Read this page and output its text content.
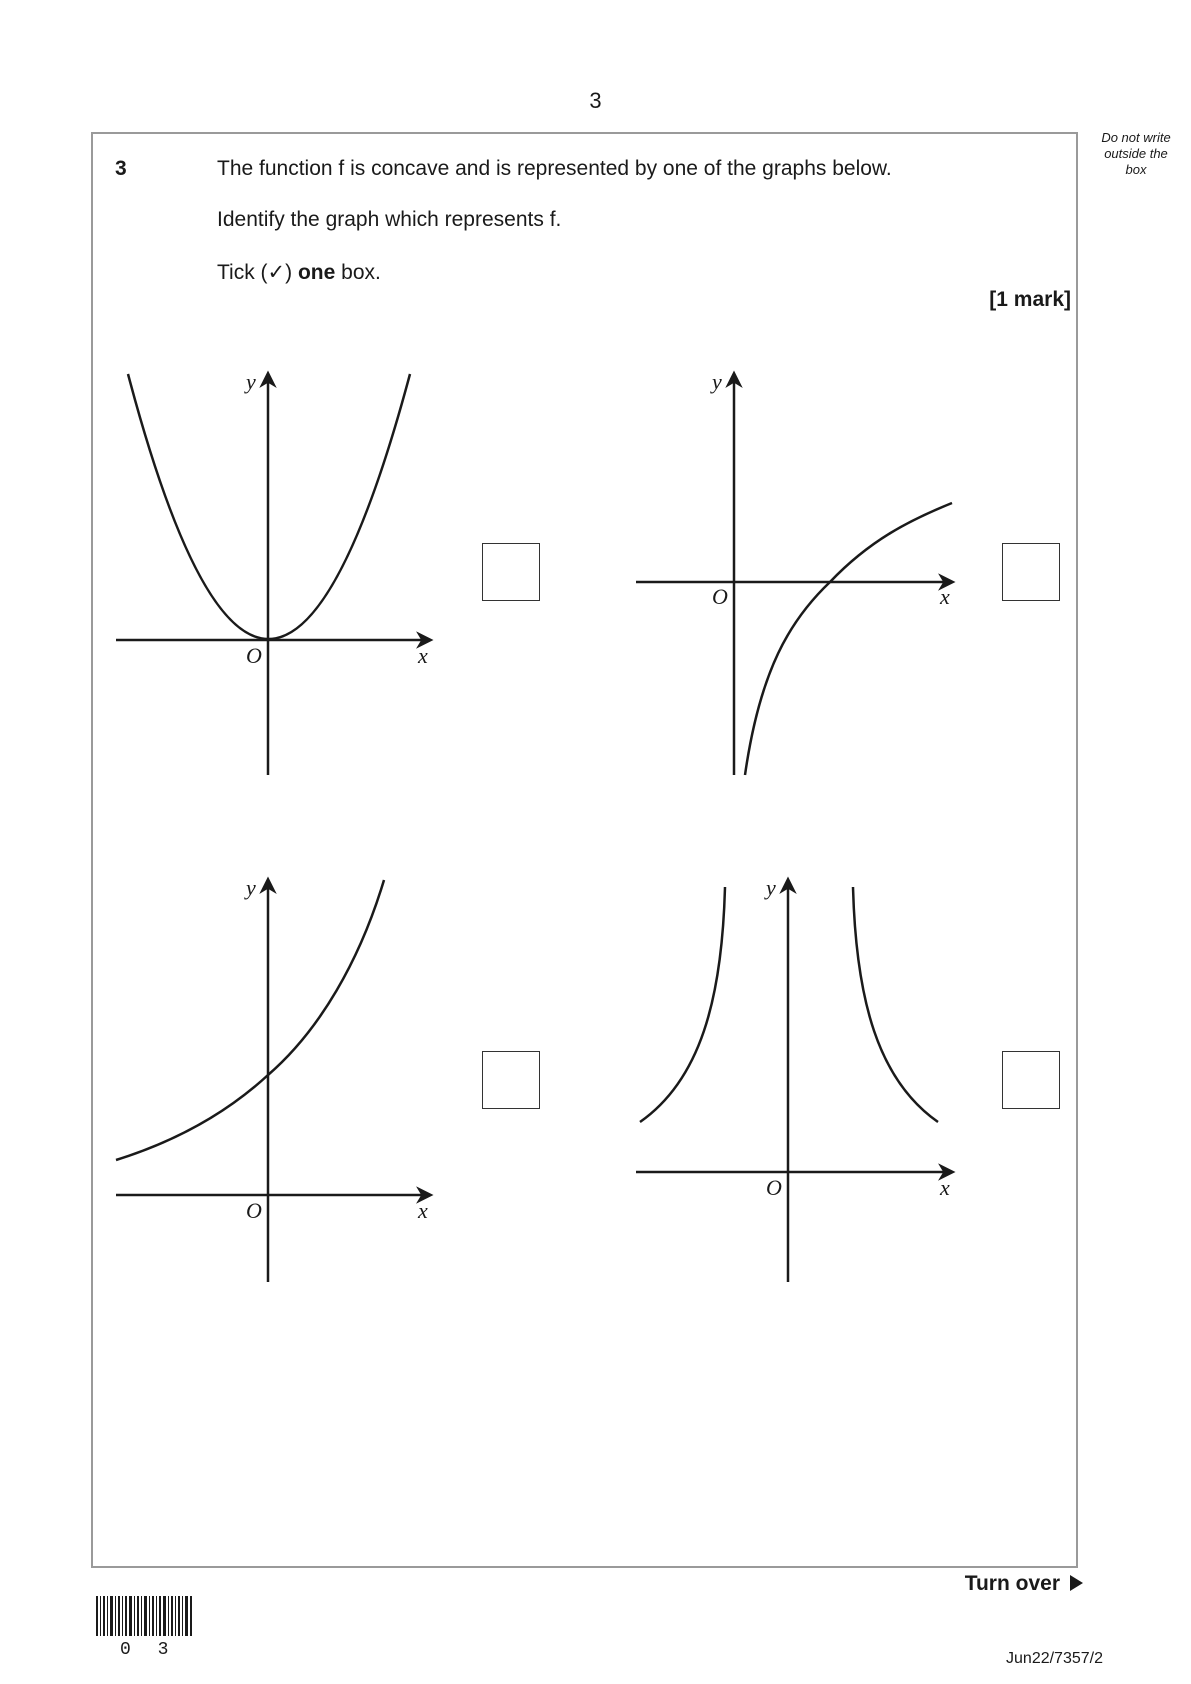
3
Do not write
outside the
box
3	The function f is concave and is represented by one of the graphs below.
Identify the graph which represents f.
Tick (✓) one box.
[1 mark]
x
y
O
x
y
O
x
y
O
x
y
O
Turn over
0 3	Jun22/7357/2
